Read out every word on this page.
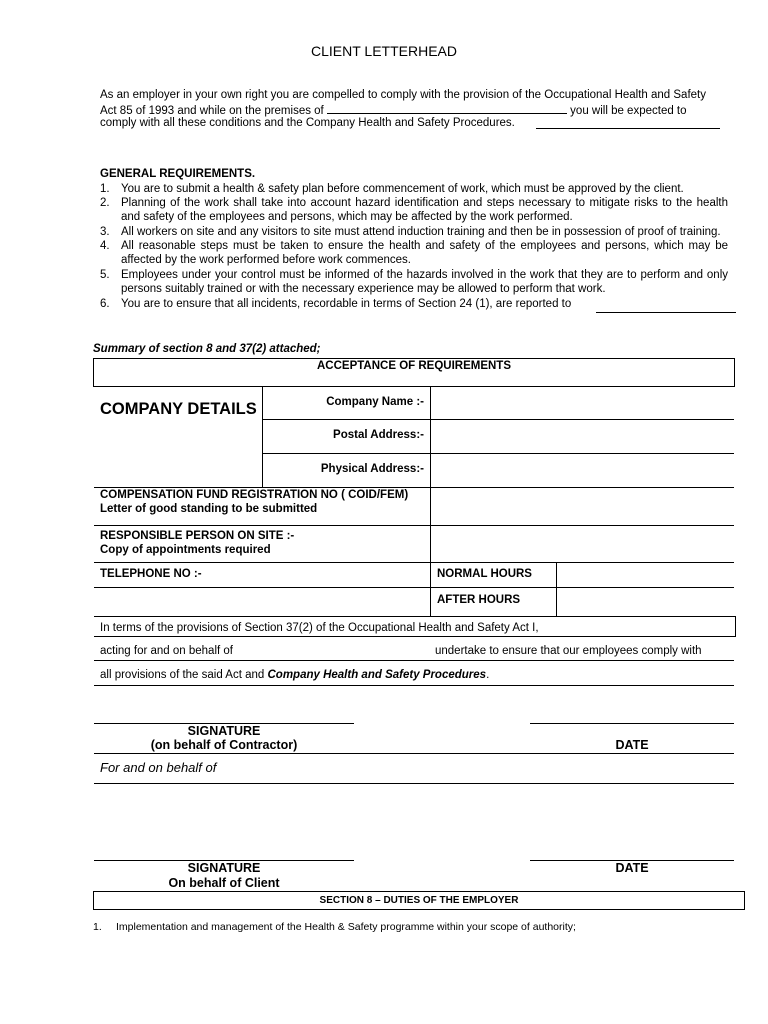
CLIENT LETTERHEAD
As an employer in your own right you are compelled to comply with the provision of the Occupational Health and Safety
Act 85 of 1993 and while on the premises of	you will be expected to
comply with all these conditions and the Company Health and Safety Procedures.
GENERAL REQUIREMENTS.
1. You are to submit a health & safety plan before commencement of work, which must be approved by the client.
2. Planning of the work shall take into account hazard identification and steps necessary to mitigate risks to the health and safety of the employees and persons, which may be affected by the work performed.
3. All workers on site and any visitors to site must attend induction training and then be in possession of proof of training.
4. All reasonable steps must be taken to ensure the health and safety of the employees and persons, which may be affected by the work performed before work commences.
5. Employees under your control must be informed of the hazards involved in the work that they are to perform and only persons suitably trained or with the necessary experience may be allowed to perform that work.
6. You are to ensure that all incidents, recordable in terms of Section 24 (1), are reported to
Summary of section 8 and 37(2) attached;
ACCEPTANCE OF REQUIREMENTS
COMPANY DETAILS	Company Name :-
Postal Address:-
Physical Address:-
COMPENSATION FUND REGISTRATION NO ( COID/FEM)
Letter of good standing to be submitted
RESPONSIBLE PERSON ON SITE :-
Copy of appointments required
TELEPHONE NO :-	NORMAL HOURS
AFTER HOURS
In terms of the provisions of Section 37(2) of the Occupational Health and Safety Act I,
acting for and on behalf of	undertake to ensure that our employees comply with
all provisions of the said Act and Company Health and Safety Procedures.
SIGNATURE
(on behalf of Contractor)	DATE
For and on behalf of
SIGNATURE	DATE
On behalf of Client
SECTION 8 – DUTIES OF THE EMPLOYER
1. Implementation and management of the Health & Safety programme within your scope of authority;
